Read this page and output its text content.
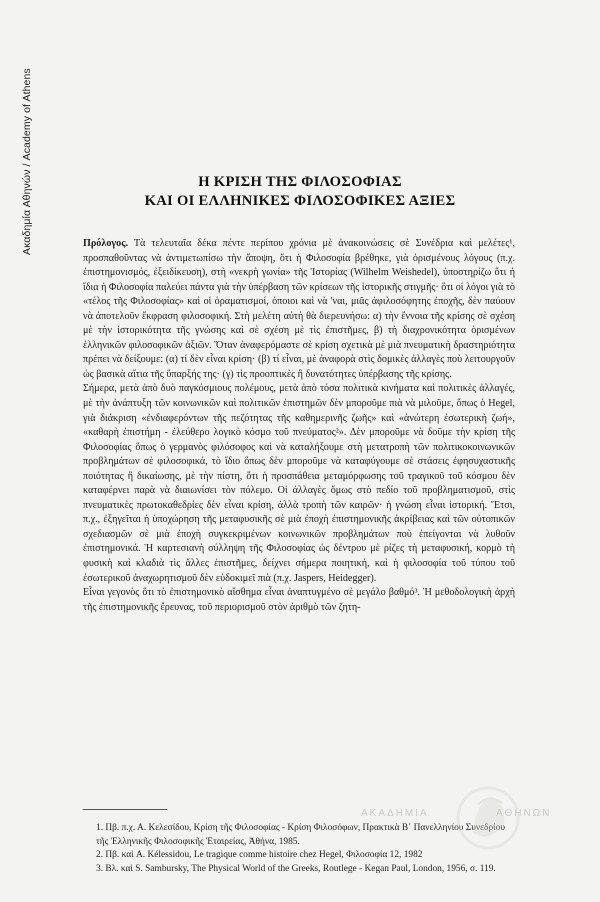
Ακαδημία Αθηνών / Academy of Athens	Η ΚΡΙΣΗ ΤΗΣ ΦΙΛΟΣΟΦΙΑΣ
ΚΑΙ ΟΙ ΕΛΛΗΝΙΚΕΣ ΦΙΛΟΣΟΦΙΚΕΣ ΑΞΙΕΣ

Πρόλογος. Τὰ τελευταῖα δέκα πέντε περίπου χρόνια μὲ ἀνακοινώσεις σὲ Συνέδρια καὶ μελέτες¹, προσπαθοῦντας νὰ ἀντιμετωπίσω τὴν ἄποψη, ὅτι ἡ Φιλοσοφία βρέθηκε, γιὰ ὁρισμένους λόγους (π.χ. ἐπιστημονισμός, ἐξειδίκευση), στὴ «νεκρὴ γωνία» τῆς Ἱστορίας (Wilhelm Weishedel), ὑποστηρίζω ὅτι ἡ ἴδια ἡ Φιλοσοφία παλεύει πάντα γιὰ τὴν ὑπέρβαση τῶν κρίσεων τῆς ἱστορικῆς στιγμῆς· ὅτι οἱ λόγοι γιὰ τὸ «τέλος τῆς Φιλοσοφίας» καὶ οἱ ὁραματισμοί, ὁποιοι καὶ νὰ 'ναι, μιᾶς ἀφιλοσόφητης ἐποχῆς, δὲν παύουν νὰ ἀποτελοῦν ἔκφραση φιλοσοφική. Στὴ μελέτη αὐτὴ θὰ διερευνήσω: α) τὴν ἔννοια τῆς κρίσης σὲ σχέση μὲ τὴν ἱστορικότητα τῆς γνώσης καὶ σὲ σχέση μὲ τὶς ἐπιστῆμες, β) τὴ διαχρονικότητα ὁρισμένων ἑλληνικῶν φιλοσοφικῶν ἀξιῶν. Ὅταν ἀναφερόμαστε σὲ κρίση σχετικὰ μὲ μιὰ πνευματικὴ δραστηριότητα πρέπει νὰ δείξουμε: (α) τί δὲν εἶναι κρίση· (β) τί εἶναι, μὲ ἀναφορὰ στὶς δομικὲς ἀλλαγὲς ποὺ λειτουργοῦν ὡς βασικὰ αἴτια τῆς ὕπαρξής της· (γ) τὶς προοπτικὲς ἢ δυνατότητες ὑπέρβασης τῆς κρίσης.

Σήμερα, μετὰ ἀπὸ δυὸ παγκόσμιους πολέμους, μετὰ ἀπὸ τόσα πολιτικὰ κινήματα καὶ πολιτικὲς ἀλλαγές, μὲ τὴν ἀνάπτυξη τῶν κοινωνικῶν καὶ πολιτικῶν ἐπιστημῶν δὲν μποροῦμε πιὰ νὰ μιλοῦμε, ὅπως ὁ Hegel, γιὰ διάκριση «ἐνδιαφερόντων τῆς πεζότητας τῆς καθημερινῆς ζωῆς» καὶ «ἀνώτερη ἐσωτερικὴ ζωή», «καθαρὴ ἐπιστήμη - ἐλεύθερο λογικὸ κόσμο τοῦ πνεύματος²». Δὲν μποροῦμε νὰ δοῦμε τὴν κρίση τῆς Φιλοσοφίας ὅπως ὁ γερμανὸς φιλόσοφος καὶ νὰ καταλήξουμε στὴ μετατροπὴ τῶν πολιτικοκοινωνικῶν προβλημάτων σὲ φιλοσοφικά, τὸ ἴδιο ὅπως δὲν μποροῦμε νὰ καταφύγουμε σὲ στάσεις ἐφησυχαστικῆς ποιότητας ἢ δικαίωσης, μὲ τὴν πίστη, ὅτι ἡ προσπάθεια μεταμόρφωσης τοῦ τραγικοῦ τοῦ κόσμου δὲν καταφέρνει παρὰ νὰ διαιωνίσει τὸν πόλεμο. Οἱ ἀλλαγὲς ὅμως στὸ πεδίο τοῦ προβληματισμοῦ, στὶς πνευματικὲς πρωτοκαθεδρίες δὲν εἶναι κρίση, ἀλλὰ τροπὴ τῶν καιρῶν· ἡ γνώση εἶναι ἱστορική. Ἔτσι, π.χ., ἐξηγεῖται ἡ ὑποχώρηση τῆς μεταφυσικῆς σὲ μιὰ ἐποχὴ ἐπιστημονικῆς ἀκρίβειας καὶ τῶν οὐτοπικῶν σχεδιασμῶν σὲ μιὰ ἐποχὴ συγκεκριμένων κοινωνικῶν προβλημάτων ποὺ ἐπείγονται νὰ λυθοῦν ἐπιστημονικά. Ἡ καρτεσιανὴ σύλληψη τῆς Φιλοσοφίας ὡς δέντρου μὲ ρίζες τὴ μεταφυσική, κορμὸ τὴ φυσικὴ καὶ κλαδιὰ τὶς ἄλλες ἐπιστῆμες, δείχνει σήμερα ποιητική, καὶ ἡ φιλοσοφία τοῦ τύπου τοῦ ἐσωτερικοῦ ἀναχωρητισμοῦ δὲν εὐδοκιμεῖ πιὰ (π.χ. Jaspers, Heidegger).

Εἶναι γεγονὸς ὅτι τὸ ἐπιστημονικὸ αἴσθημα εἶναι ἀναπτυγμένο σὲ μεγάλο βαθμό³. Ἡ μεθοδολογικὴ ἀρχὴ τῆς ἐπιστημονικῆς ἔρευνας, τοῦ περιορισμοῦ στὸν ἀριθμὸ τῶν ζητη-

1. Πβ. π.χ. Α. Κελεσίδου, Κρίση τῆς Φιλοσοφίας - Κρίση Φιλοσόφων, Πρακτικὰ Β΄ Πανελληνίου Συνεδρίου τῆς Ἑλληνικῆς Φιλοσοφικῆς Ἑταιρείας, Ἀθήνα, 1985.
2. Πβ. καὶ A. Kélessidou, Le tragique comme histoire chez Hegel, Φιλοσοφία 12, 1982
3. Βλ. καὶ S. Sambursky, The Physical World of the Greeks, Routlege - Kegan Paul, London, 1956, σ. 119.
ΑΚΑΔΗΜΙΑ	ΑΘΗΝΩΝ
